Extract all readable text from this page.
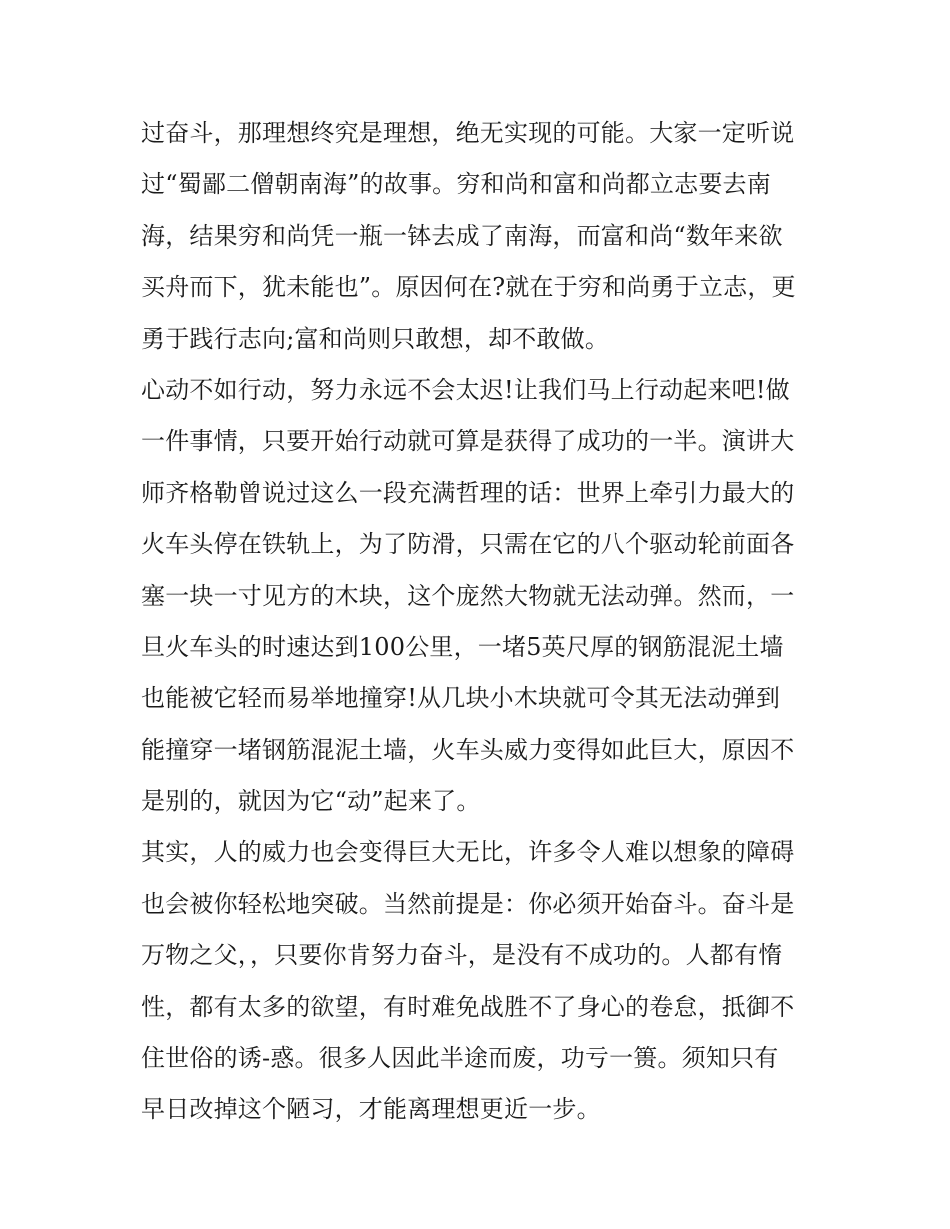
过奋斗，那理想终究是理想，绝无实现的可能。大家一定听说
过“蜀鄙二僧朝南海”的故事。穷和尚和富和尚都立志要去南
海，结果穷和尚凭一瓶一钵去成了南海，而富和尚“数年来欲
买舟而下，犹未能也”。原因何在?就在于穷和尚勇于立志，更
勇于践行志向;富和尚则只敢想，却不敢做。
心动不如行动，努力永远不会太迟!让我们马上行动起来吧!做
一件事情，只要开始行动就可算是获得了成功的一半。演讲大
师齐格勒曾说过这么一段充满哲理的话：世界上牵引力最大的
火车头停在铁轨上，为了防滑，只需在它的八个驱动轮前面各
塞一块一寸见方的木块，这个庞然大物就无法动弹。然而，一
旦火车头的时速达到100公里，一堵5英尺厚的钢筋混泥土墙
也能被它轻而易举地撞穿!从几块小木块就可令其无法动弹到
能撞穿一堵钢筋混泥土墙，火车头威力变得如此巨大，原因不
是别的，就因为它“动”起来了。
其实，人的威力也会变得巨大无比，许多令人难以想象的障碍
也会被你轻松地突破。当然前提是：你必须开始奋斗。奋斗是
万物之父，，只要你肯努力奋斗，是没有不成功的。人都有惰
性，都有太多的欲望，有时难免战胜不了身心的卷怠，抵御不
住世俗的诱-惑。很多人因此半途而废，功亏一篑。须知只有
早日改掉这个陋习，才能离理想更近一步。
